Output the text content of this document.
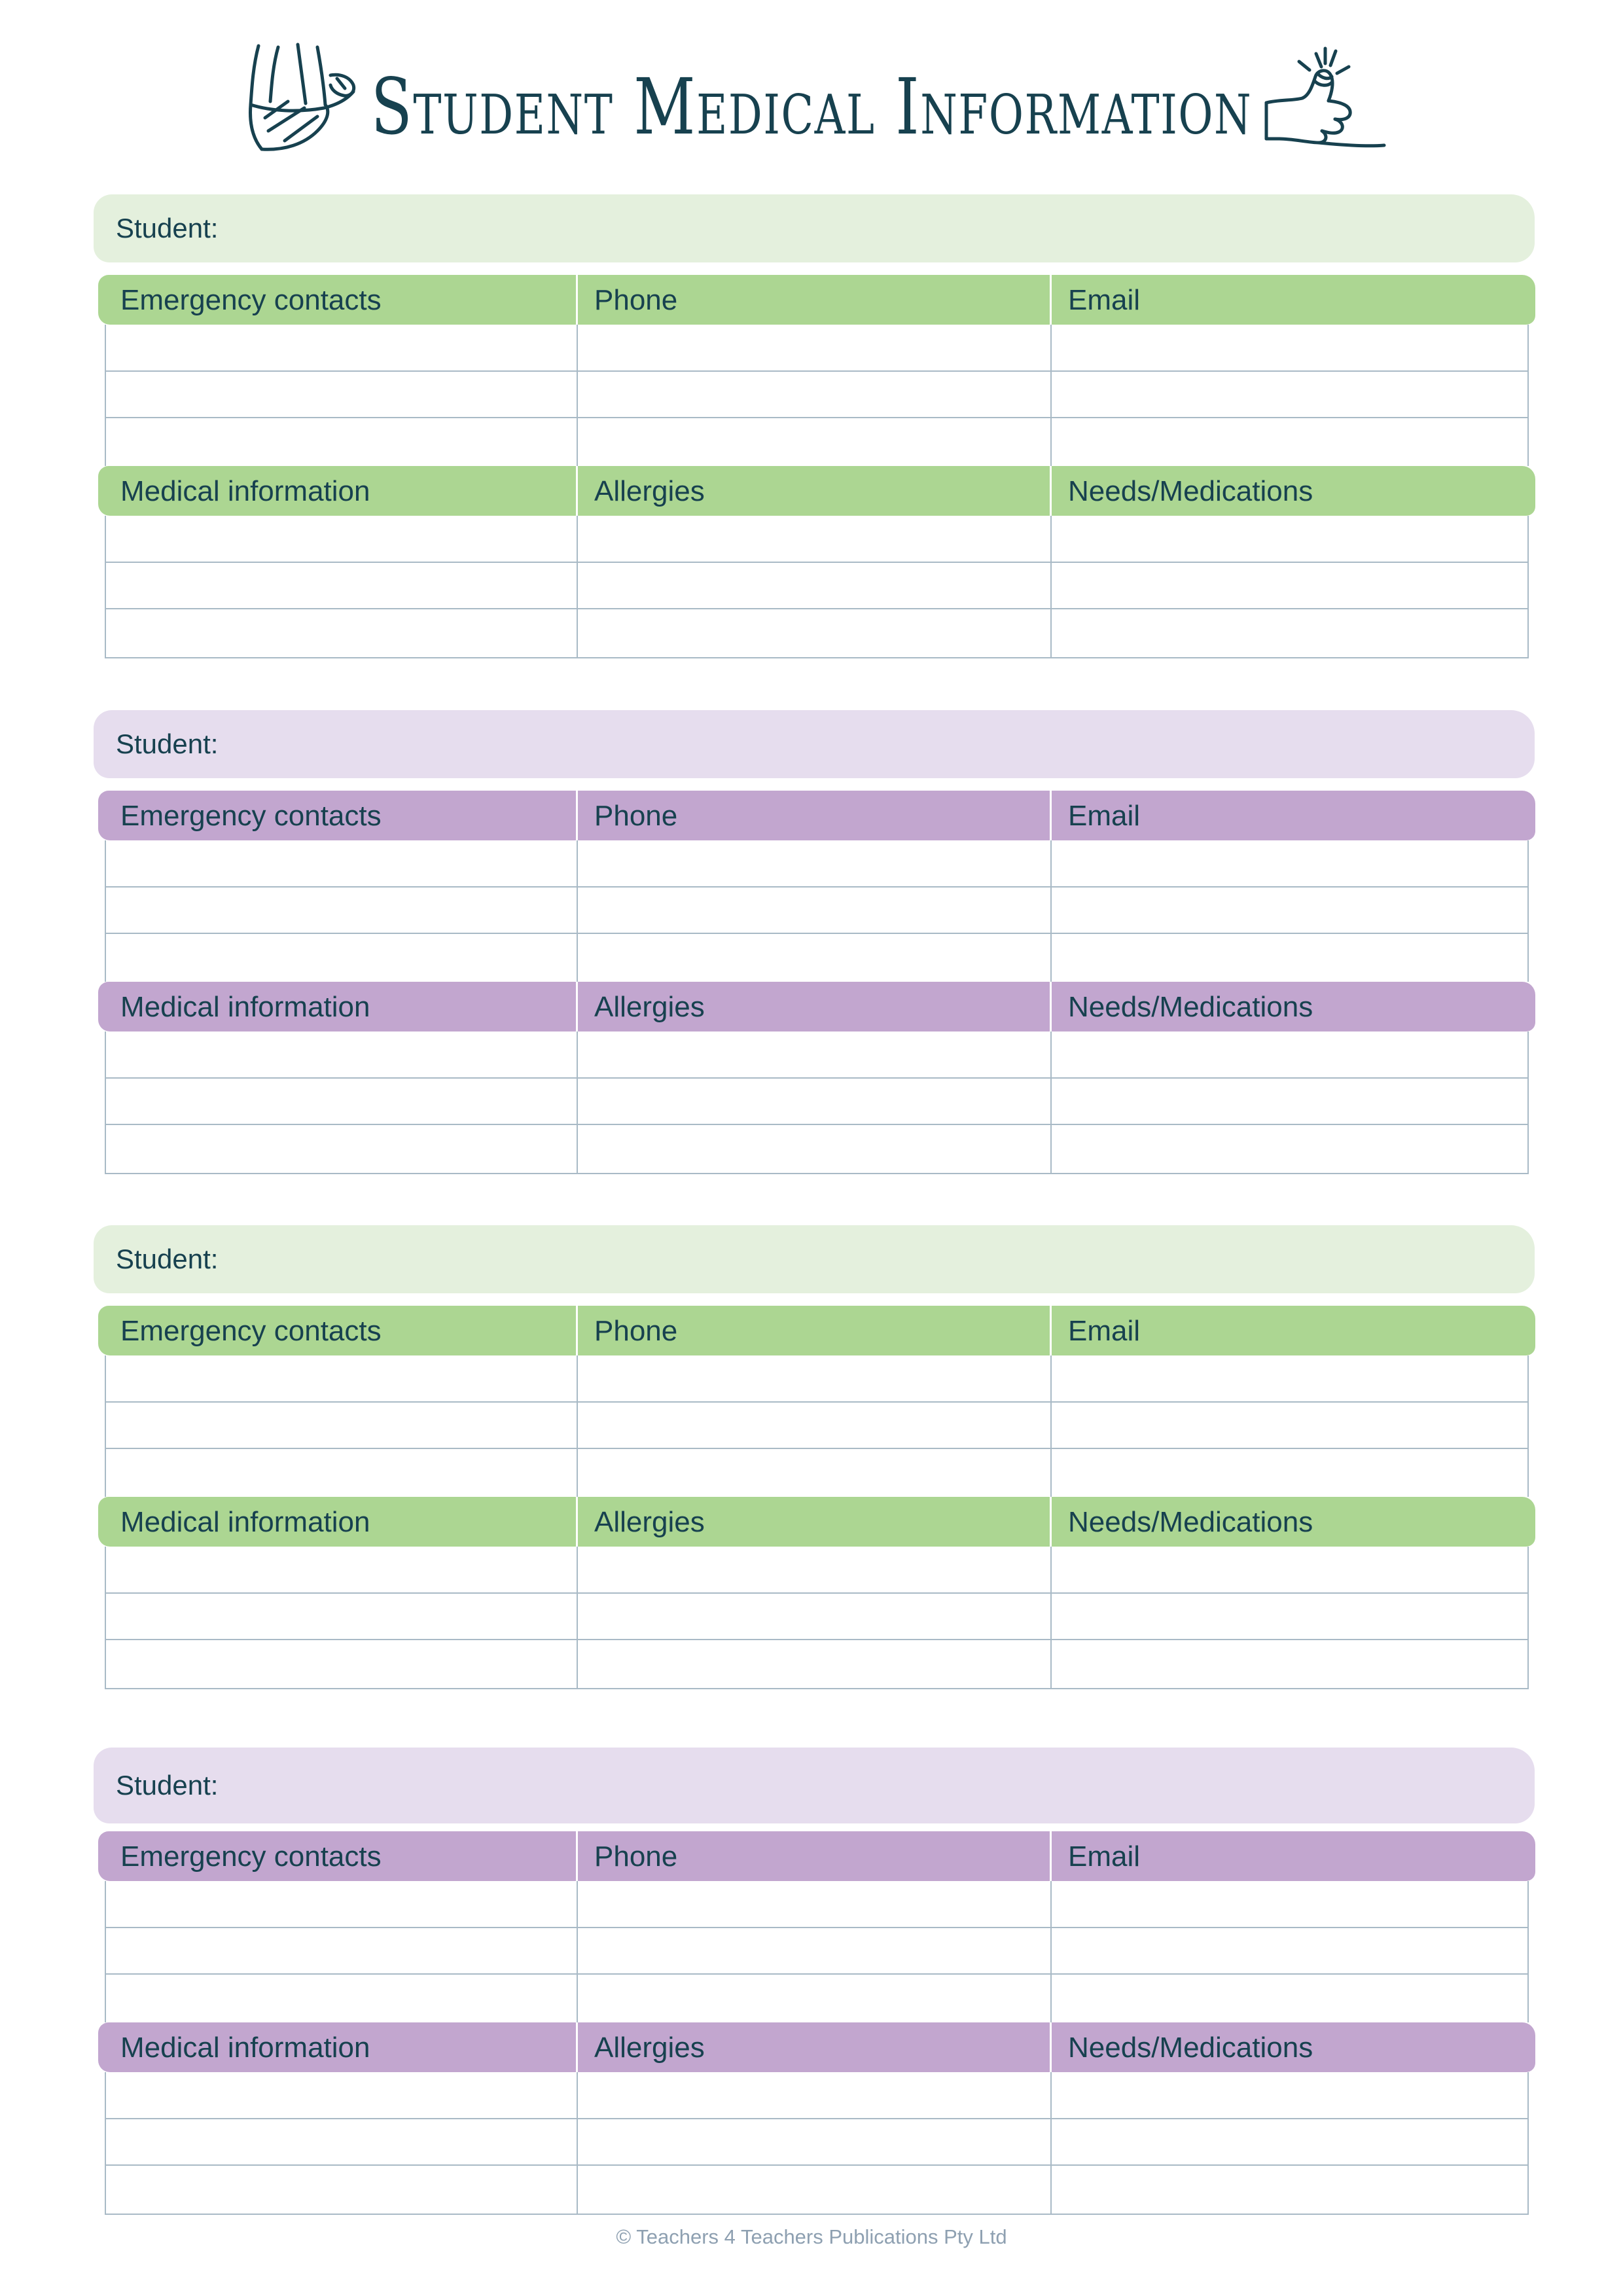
Student Medical Information
Student:
Emergency contacts	Phone	Email
Medical information	Allergies	Needs/Medications
Student:
Emergency contacts	Phone	Email
Medical information	Allergies	Needs/Medications
Student:
Emergency contacts	Phone	Email
Medical information	Allergies	Needs/Medications
Student:
Emergency contacts	Phone	Email
Medical information	Allergies	Needs/Medications
© Teachers 4 Teachers Publications Pty Ltd
